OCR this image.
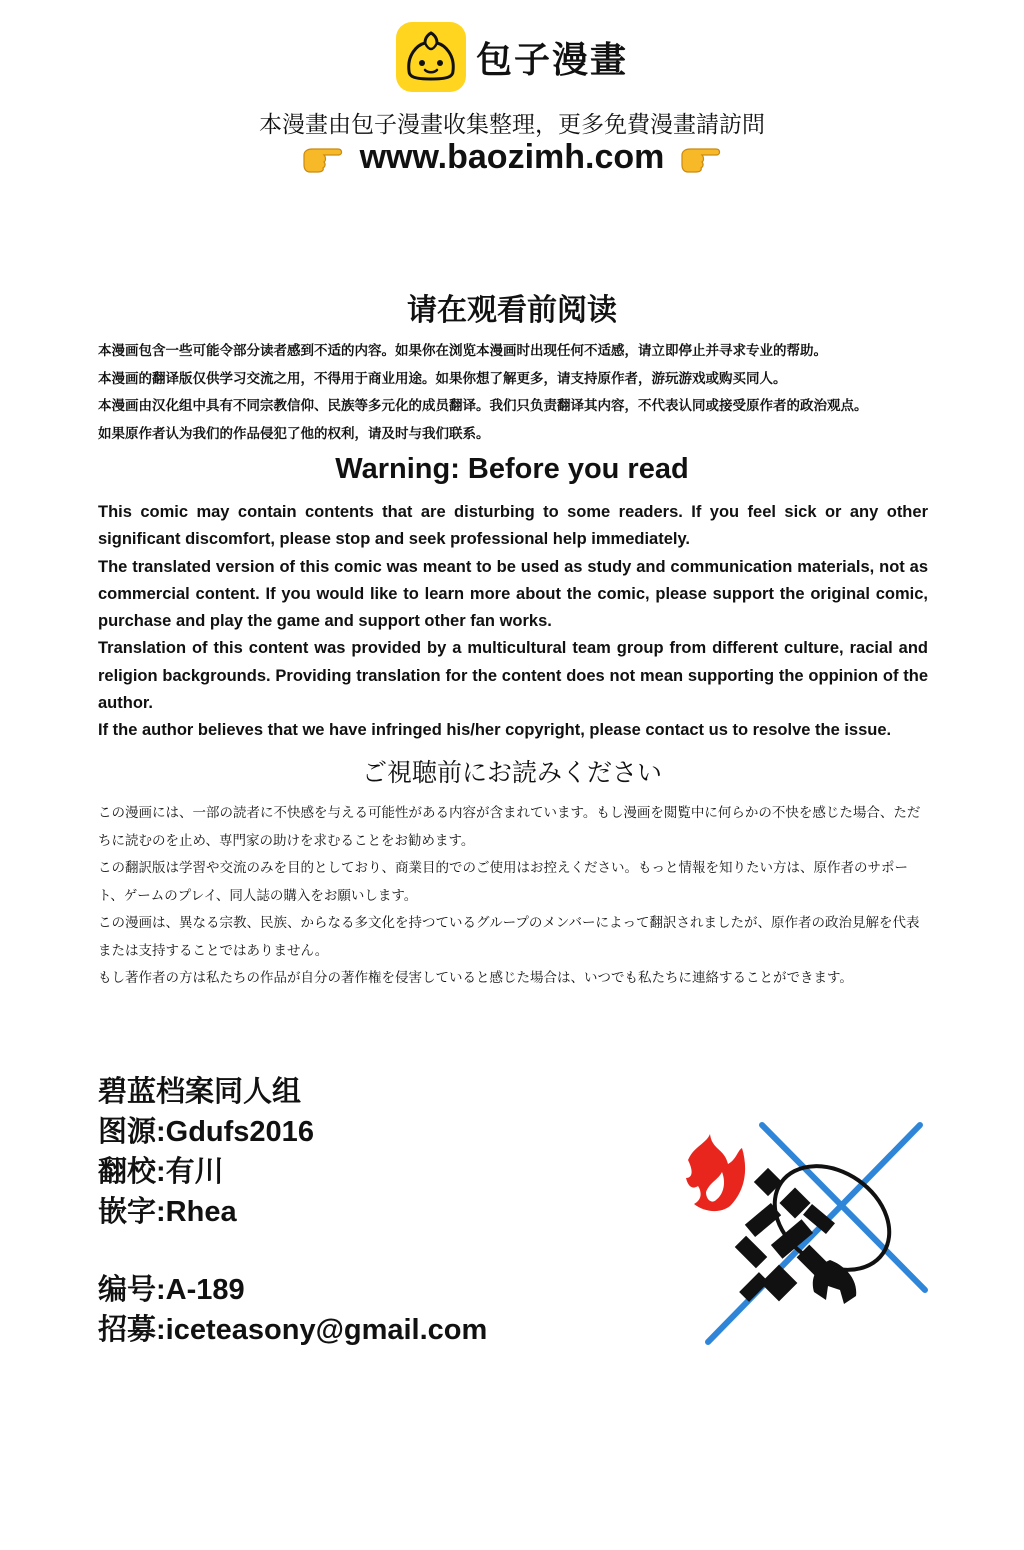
包子漫畫
本漫畫由包子漫畫收集整理，更多免費漫畫請訪問
www.baozimh.com
请在观看前阅读

本漫画包含一些可能令部分读者感到不适的内容。如果你在浏览本漫画时出现任何不适感，请立即停止并寻求专业的帮助。

本漫画的翻译版仅供学习交流之用，不得用于商业用途。如果你想了解更多，请支持原作者，游玩游戏或购买同人。

本漫画由汉化组中具有不同宗教信仰、民族等多元化的成员翻译。我们只负责翻译其内容，不代表认同或接受原作者的政治观点。

如果原作者认为我们的作品侵犯了他的权利，请及时与我们联系。

Warning: Before you read

This comic may contain contents that are disturbing to some readers. If you feel sick or any other significant discomfort, please stop and seek professional help immediately.

The translated version of this comic was meant to be used as study and communication materials, not as commercial content. If you would like to learn more about the comic, please support the original comic, purchase and play the game and support other fan works.

Translation of this content was provided by a multicultural team group from different culture, racial and religion backgrounds. Providing translation for the content does not mean supporting the oppinion of the author.

If the author believes that we have infringed his/her copyright, please contact us to resolve the issue.

ご視聴前にお読みください

この漫画には、一部の読者に不快感を与える可能性がある内容が含まれています。もし漫画を閲覧中に何らかの不快を感じた場合、ただちに読むのを止め、専門家の助けを求むることをお勧めます。

この翻訳版は学習や交流のみを目的としており、商業目的でのご使用はお控えください。もっと情報を知りたい方は、原作者のサポート、ゲームのプレイ、同人誌の購入をお願いします。

この漫画は、異なる宗教、民族、からなる多文化を持つているグループのメンバーによって翻訳されましたが、原作者の政治見解を代表または支持することではありません。

もし著作者の方は私たちの作品が自分の著作権を侵害していると感じた場合は、いつでも私たちに連絡することができます。

碧蓝档案同人组
图源:Gdufs2016
翻校:有川
嵌字:Rhea
编号:A-189
招募:iceteasony@gmail.com
